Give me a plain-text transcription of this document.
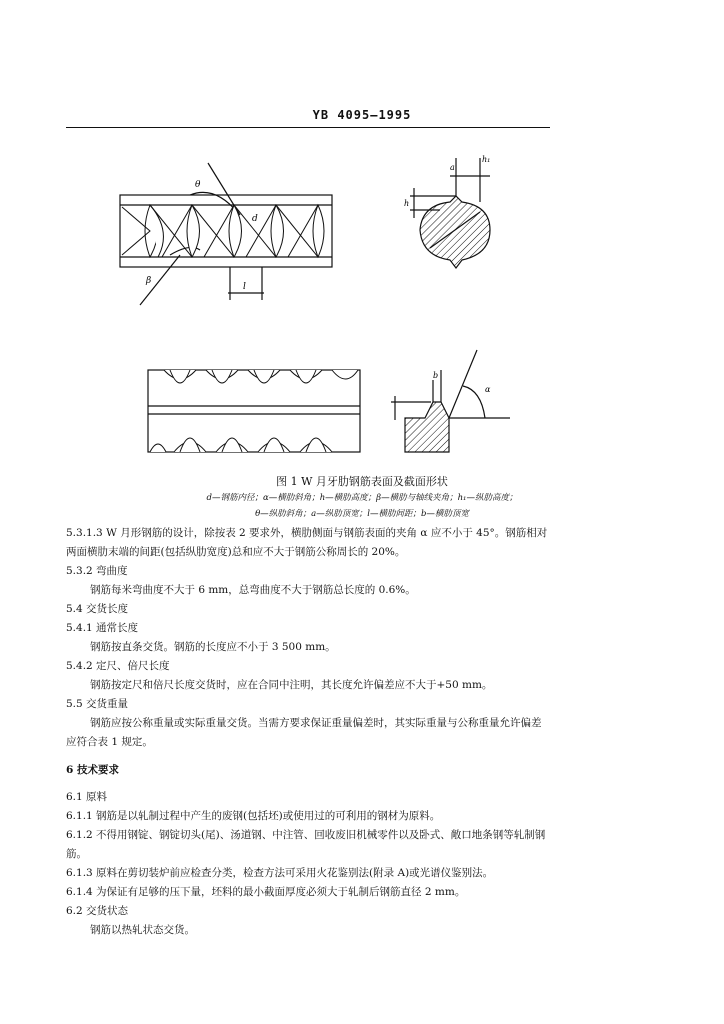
YB 4095—1995
θ
β
d
l
a
h₁
h
b
α
图 1 W 月牙肋钢筋表面及截面形状
d—钢筋内径；α—横肋斜角；h—横肋高度；β—横肋与轴线夹角；h₁—纵肋高度；
θ—纵肋斜角；a—纵肋顶宽；l—横肋间距；b—横肋顶宽
5.3.1.3 W 月形钢筋的设计，除按表 2 要求外，横肋侧面与钢筋表面的夹角 α 应不小于 45°。钢筋相对
两面横肋末端的间距(包括纵肋宽度)总和应不大于钢筋公称周长的 20%。
5.3.2 弯曲度
钢筋每米弯曲度不大于 6 mm，总弯曲度不大于钢筋总长度的 0.6%。
5.4 交货长度
5.4.1 通常长度
钢筋按直条交货。钢筋的长度应不小于 3 500 mm。
5.4.2 定尺、倍尺长度
钢筋按定尺和倍尺长度交货时，应在合同中注明，其长度允许偏差应不大于+50 mm。
5.5 交货重量
钢筋应按公称重量或实际重量交货。当需方要求保证重量偏差时，其实际重量与公称重量允许偏差
应符合表 1 规定。
6 技术要求
6.1 原料
6.1.1 钢筋是以轧制过程中产生的废钢(包括坯)或使用过的可利用的钢材为原料。
6.1.2 不得用钢锭、钢锭切头(尾)、汤道钢、中注管、回收废旧机械零件以及卧式、敞口地条钢等轧制钢
筋。
6.1.3 原料在剪切装炉前应检查分类，检查方法可采用火花鉴别法(附录 A)或光谱仪鉴别法。
6.1.4 为保证有足够的压下量，坯料的最小截面厚度必须大于轧制后钢筋直径 2 mm。
6.2 交货状态
钢筋以热轧状态交货。
